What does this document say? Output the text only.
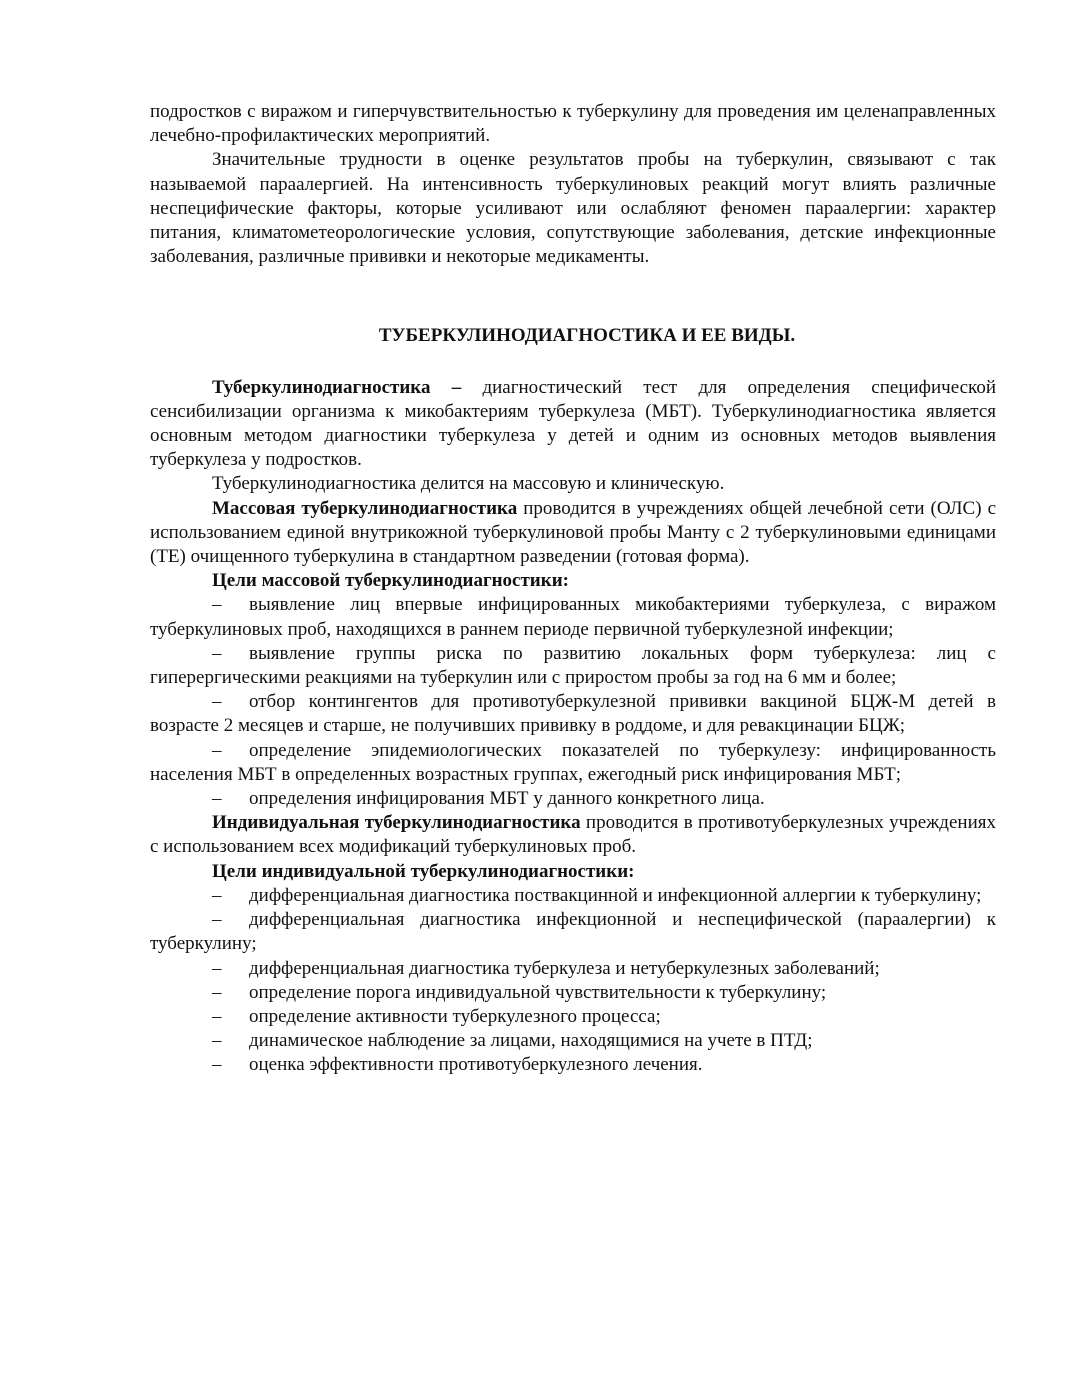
подростков с виражом и гиперчувствительностью к туберкулину для проведения им целенаправленных лечебно-профилактических мероприятий.

Значительные трудности в оценке результатов пробы на туберкулин, связывают с так называемой параалергией. На интенсивность туберкулиновых реакций могут влиять различные неспецифические факторы, которые усиливают или ослабляют феномен параалергии: характер питания, климатометеорологические условия, сопутствующие заболевания, детские инфекционные заболевания, различные прививки и некоторые медикаменты.

ТУБЕРКУЛИНОДИАГНОСТИКА И ЕЕ ВИДЫ.

Туберкулинодиагностика – диагностический тест для определения специфической сенсибилизации организма к микобактериям туберкулеза (МБТ). Туберкулинодиагностика является основным методом диагностики туберкулеза у детей и одним из основных методов выявления туберкулеза у подростков.

Туберкулинодиагностика делится на массовую и клиническую.

Массовая туберкулинодиагностика проводится в учреждениях общей лечебной сети (ОЛС) с использованием единой внутрикожной туберкулиновой пробы Манту с 2 туберкулиновыми единицами (ТЕ) очищенного туберкулина в стандартном разведении (готовая форма).

Цели массовой туберкулинодиагностики:

– выявление лиц впервые инфицированных микобактериями туберкулеза, с виражом туберкулиновых проб, находящихся в раннем периоде первичной туберкулезной инфекции;

– выявление группы риска по развитию локальных форм туберкулеза: лиц с гиперергическими реакциями на туберкулин или с приростом пробы за год на 6 мм и более;

– отбор контингентов для противотуберкулезной прививки вакциной БЦЖ-М детей в возрасте 2 месяцев и старше, не получивших прививку в роддоме, и для ревакцинации БЦЖ;

– определение эпидемиологических показателей по туберкулезу: инфицированность населения МБТ в определенных возрастных группах, ежегодный риск инфицирования МБТ;

– определения инфицирования МБТ у данного конкретного лица.

Индивидуальная туберкулинодиагностика проводится в противотуберкулезных учреждениях с использованием всех модификаций туберкулиновых проб.

Цели индивидуальной туберкулинодиагностики:

– дифференциальная диагностика поствакцинной и инфекционной аллергии к туберкулину;

– дифференциальная диагностика инфекционной и неспецифической (параалергии) к туберкулину;

–	дифференциальная диагностика туберкулеза и нетуберкулезных заболеваний;

–	определение порога индивидуальной чувствительности к туберкулину;

–	определение активности туберкулезного процесса;

–	динамическое наблюдение за лицами, находящимися на учете в ПТД;

–	оценка эффективности противотуберкулезного лечения.
